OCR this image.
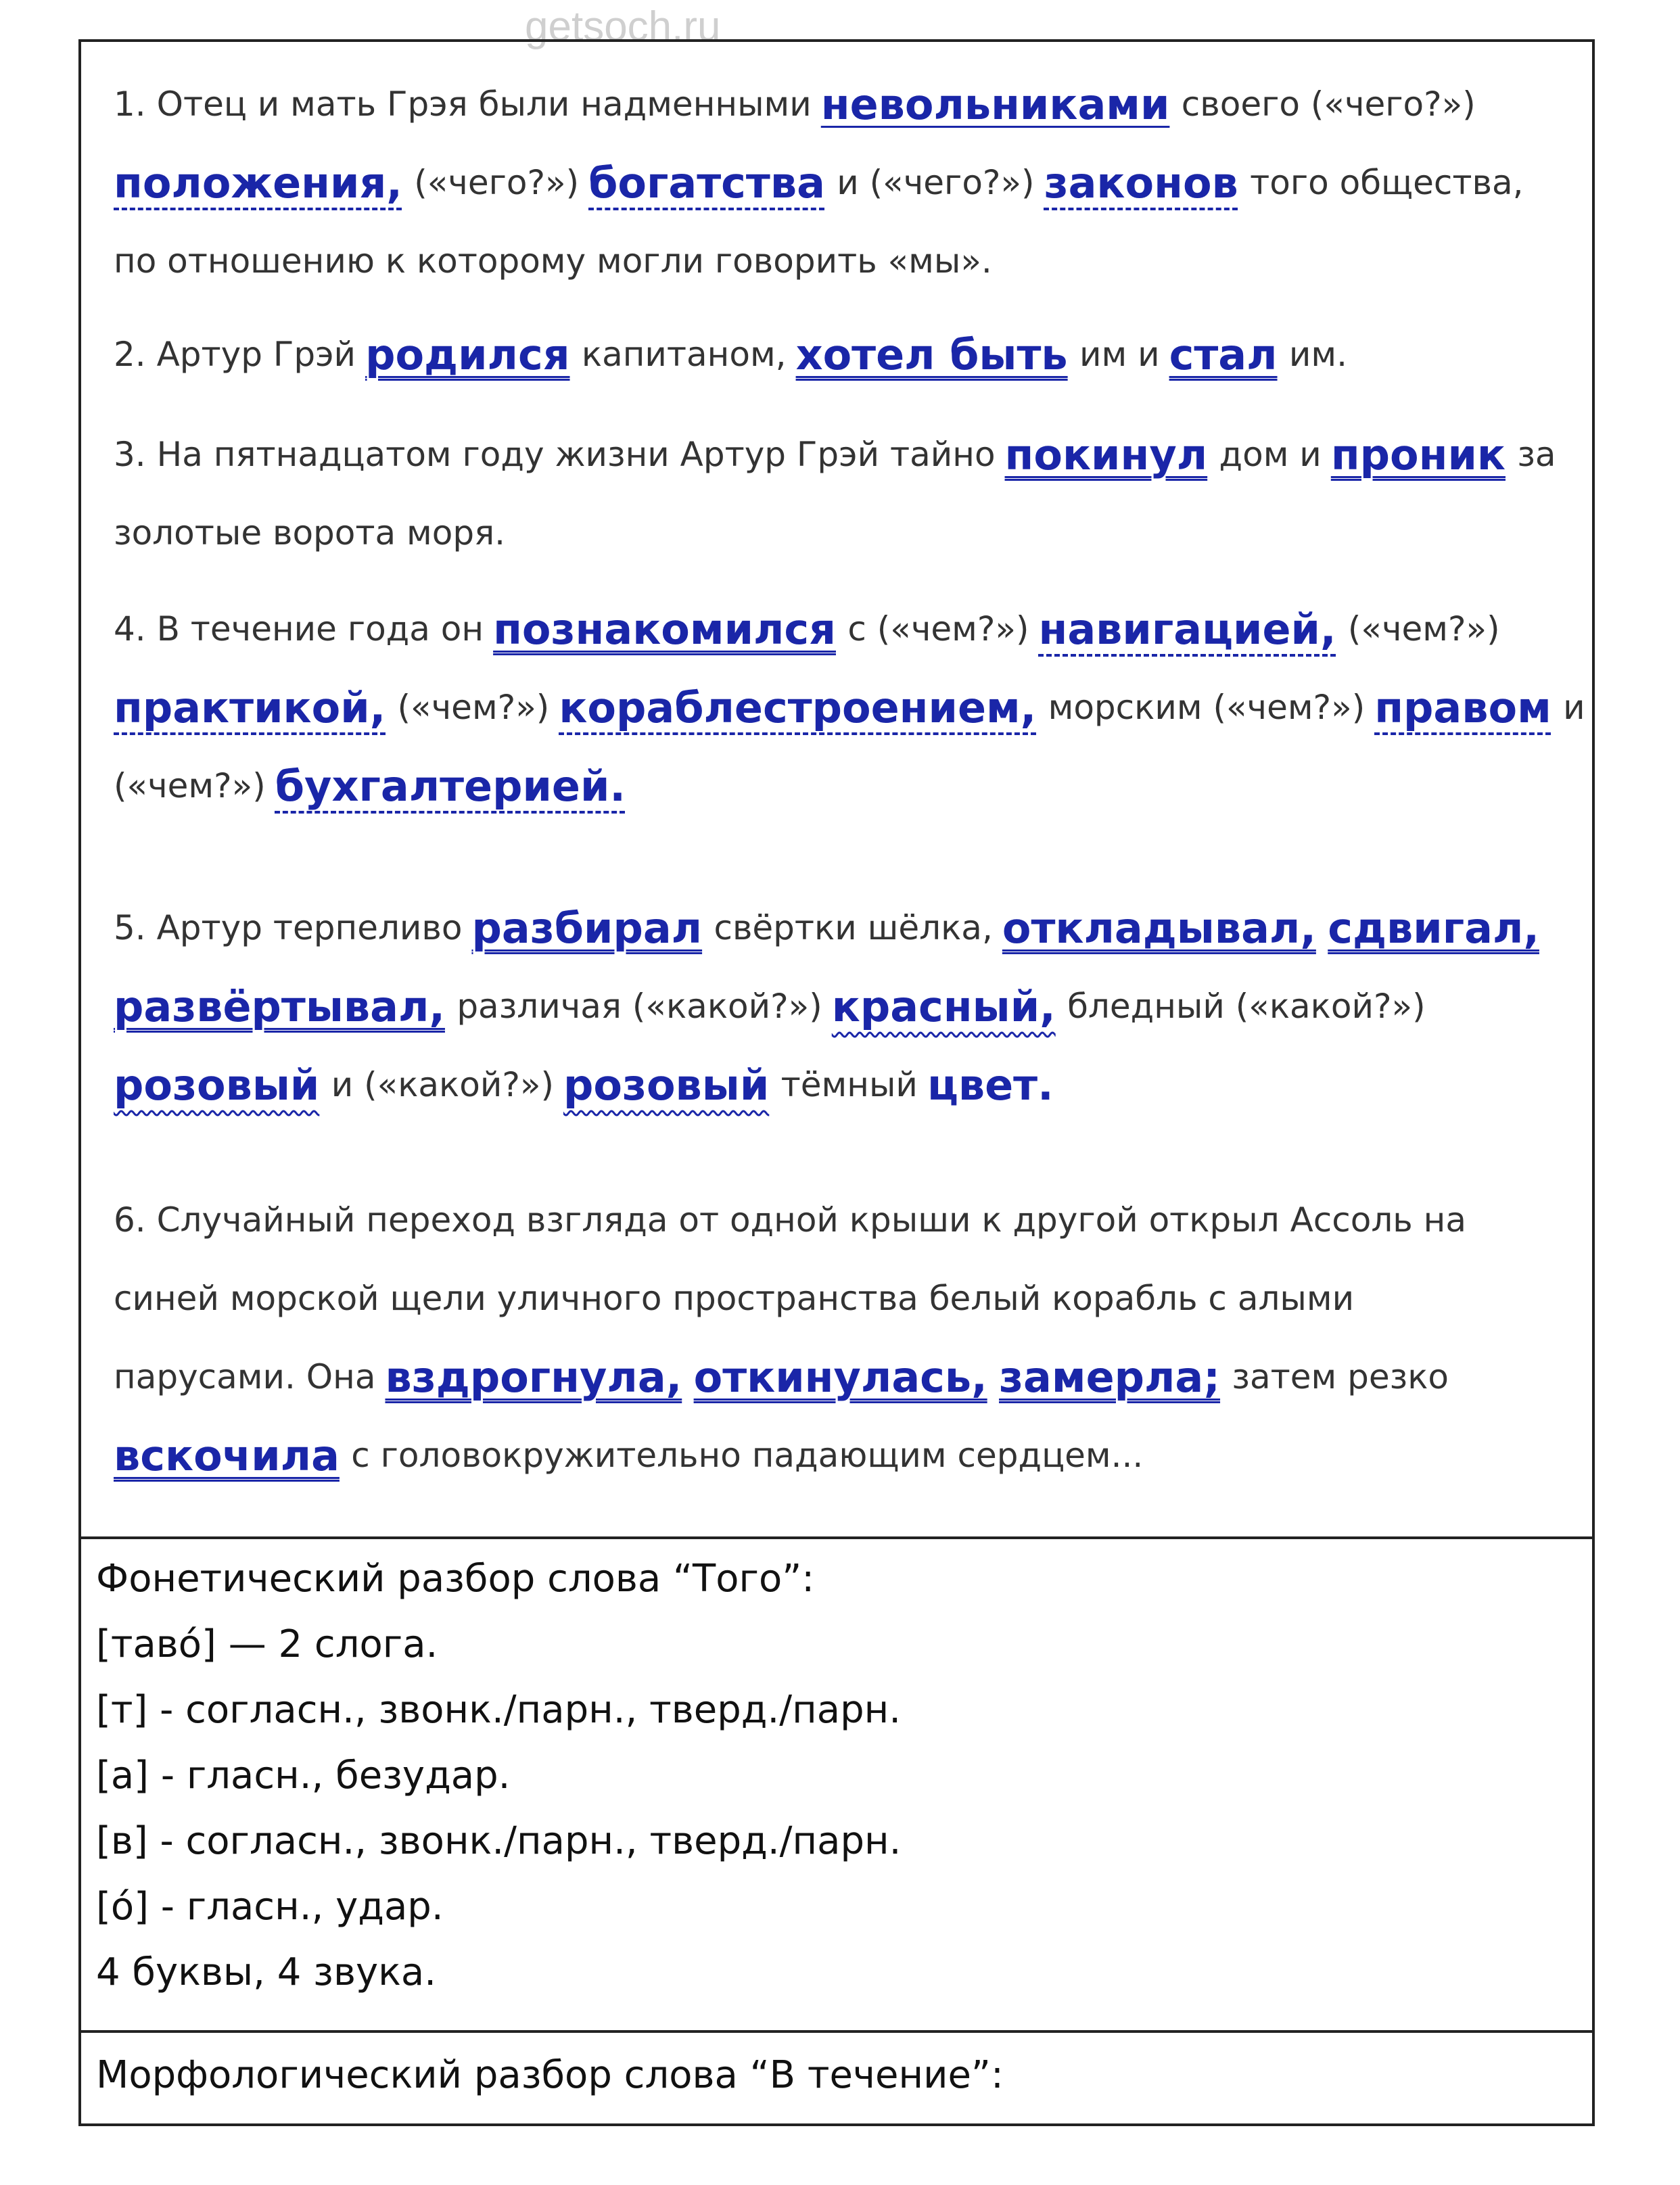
getsoch.ru
1. Отец и мать Грэя были надменными невольниками своего («чего?»)
положения, («чего?») богатства и («чего?») законов того общества,
по отношению к которому могли говорить «мы».
2. Артур Грэй родился капитаном, хотел быть им и стал им.
3. На пятнадцатом году жизни Артур Грэй тайно покинул дом и проник за
золотые ворота моря.
4. В течение года он познакомился с («чем?») навигацией, («чем?»)
практикой, («чем?») кораблестроением, морским («чем?») правом и
(«чем?») бухгалтерией.
5. Артур терпеливо разбирал свёртки шёлка, откладывал, сдвигал,
развёртывал, различая («какой?») красный, бледный («какой?»)
розовый и («какой?») розовый тёмный цвет.
6. Случайный переход взгляда от одной крыши к другой открыл Ассоль на
синей морской щели уличного пространства белый корабль с алыми
парусами. Она вздрогнула, откинулась, замерла; затем резко
вскочила с головокружительно падающим сердцем...
Фонетический разбор слова “Того”:
[тавó] — 2 слога.
[т] - согласн., звонк./парн., тверд./парн.
[а] - гласн., безудар.
[в] - согласн., звонк./парн., тверд./парн.
[ó] - гласн., удар.
4 буквы, 4 звука.
Морфологический разбор слова “В течение”:
